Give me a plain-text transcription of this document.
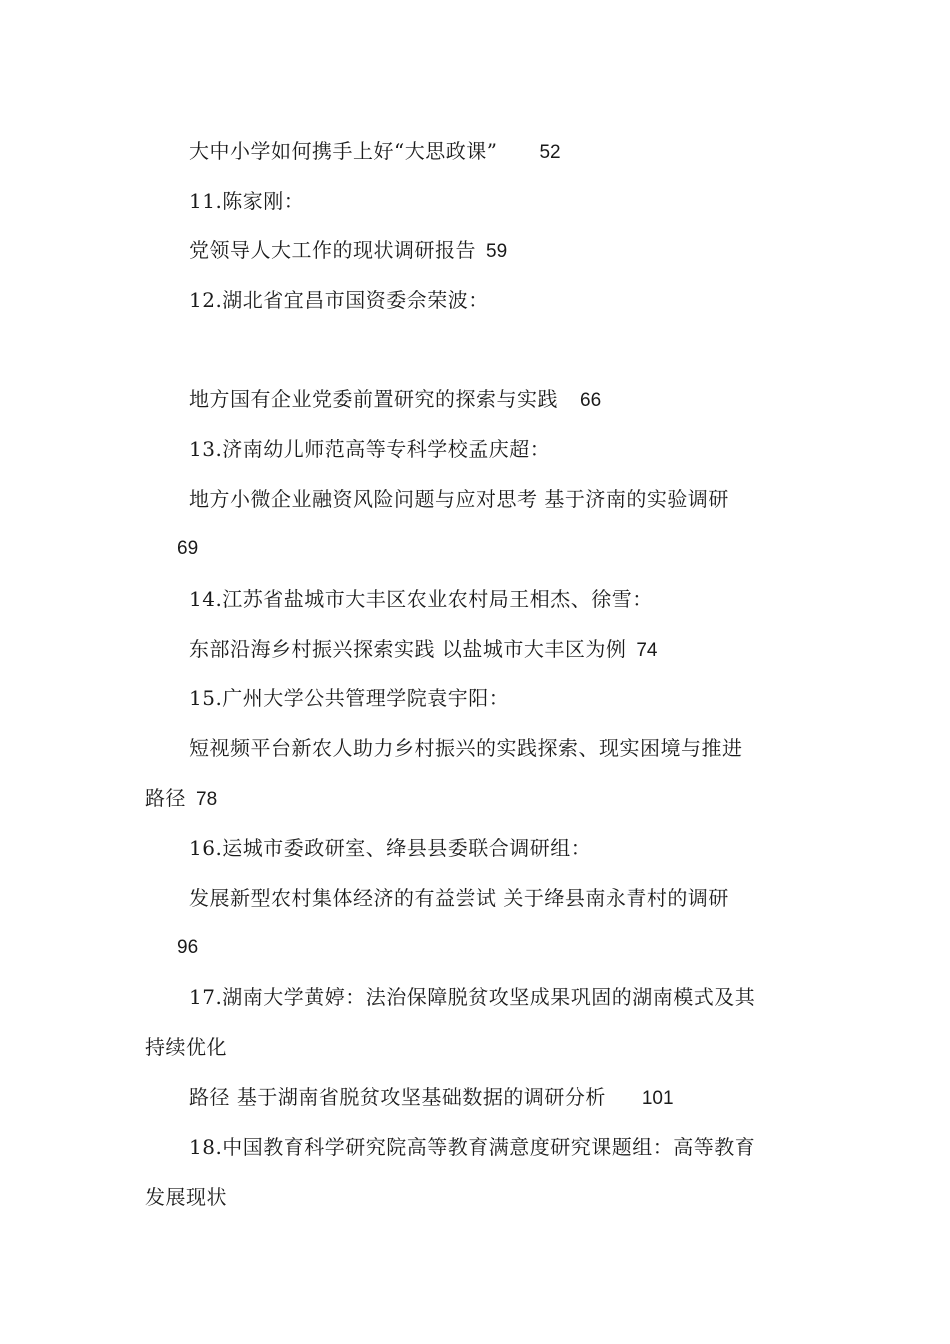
大中小学如何携手上好“大思政课” 52
11.陈家刚：
党领导人大工作的现状调研报告 59
12.湖北省宜昌市国资委佘荣波：
地方国有企业党委前置研究的探索与实践 66
13.济南幼儿师范高等专科学校孟庆超：
地方小微企业融资风险问题与应对思考 基于济南的实验调研
69
14.江苏省盐城市大丰区农业农村局王相杰、徐雪：
东部沿海乡村振兴探索实践 以盐城市大丰区为例 74
15.广州大学公共管理学院袁宇阳：
短视频平台新农人助力乡村振兴的实践探索、现实困境与推进
路径 78
16.运城市委政研室、绛县县委联合调研组：
发展新型农村集体经济的有益尝试 关于绛县南永青村的调研
96
17.湖南大学黄婷：法治保障脱贫攻坚成果巩固的湖南模式及其
持续优化
路径 基于湖南省脱贫攻坚基础数据的调研分析 101
18.中国教育科学研究院高等教育满意度研究课题组：高等教育
发展现状
